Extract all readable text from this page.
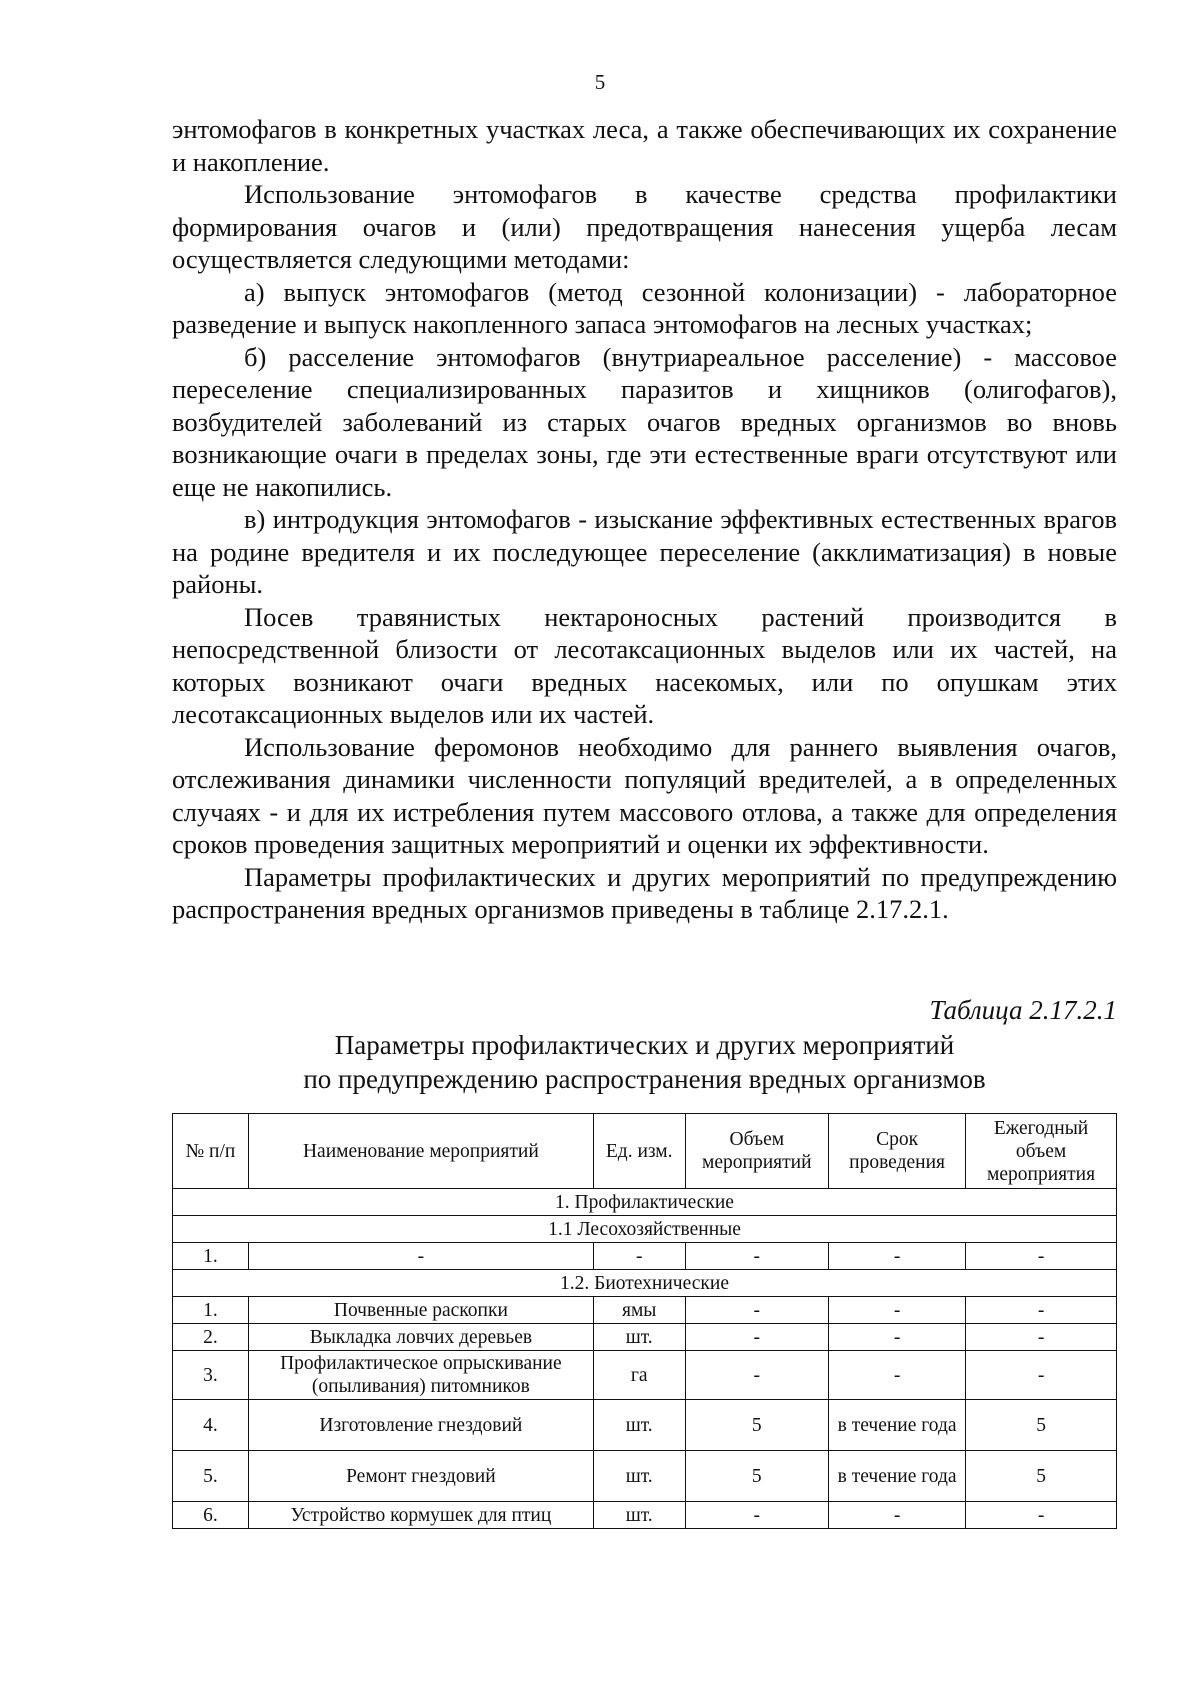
5

энтомофагов в конкретных участках леса, а также обеспечивающих их сохранение и накопление.

Использование энтомофагов в качестве средства профилактики формирования очагов и (или) предотвращения нанесения ущерба лесам осуществляется следующими методами:

а) выпуск энтомофагов (метод сезонной колонизации) - лабораторное разведение и выпуск накопленного запаса энтомофагов на лесных участках;

б) расселение энтомофагов (внутриареальное расселение) - массовое переселение специализированных паразитов и хищников (олигофагов), возбудителей заболеваний из старых очагов вредных организмов во вновь возникающие очаги в пределах зоны, где эти естественные враги отсутствуют или еще не накопились.

в) интродукция энтомофагов - изыскание эффективных естественных врагов на родине вредителя и их последующее переселение (акклиматизация) в новые районы.

Посев травянистых нектароносных растений производится в непосредственной близости от лесотаксационных выделов или их частей, на которых возникают очаги вредных насекомых, или по опушкам этих лесотаксационных выделов или их частей.

Использование феромонов необходимо для раннего выявления очагов, отслеживания динамики численности популяций вредителей, а в определенных случаях - и для их истребления путем массового отлова, а также для определения сроков проведения защитных мероприятий и оценки их эффективности.

Параметры профилактических и других мероприятий по предупреждению распространения вредных организмов приведены в таблице 2.17.2.1.

Таблица 2.17.2.1
Параметры профилактических и других мероприятий
по предупреждению распространения вредных организмов
№ п/п	Наименование мероприятий	Ед. изм.	Объем мероприятий	Срок проведения	Ежегодный объем мероприятия
1. Профилактические					
1.1 Лесохозяйственные					
1.	-	-	-	-	-
1.2. Биотехнические					
1.	Почвенные раскопки	ямы	-	-	-
2.	Выкладка ловчих деревьев	шт.	-	-	-
3.	Профилактическое опрыскивание (опыливания) питомников	га	-	-	-
4.	Изготовление гнездовий	шт.	5	в течение года	5
5.	Ремонт гнездовий	шт.	5	в течение года	5
6.	Устройство кормушек для птиц	шт.	-	-	-
